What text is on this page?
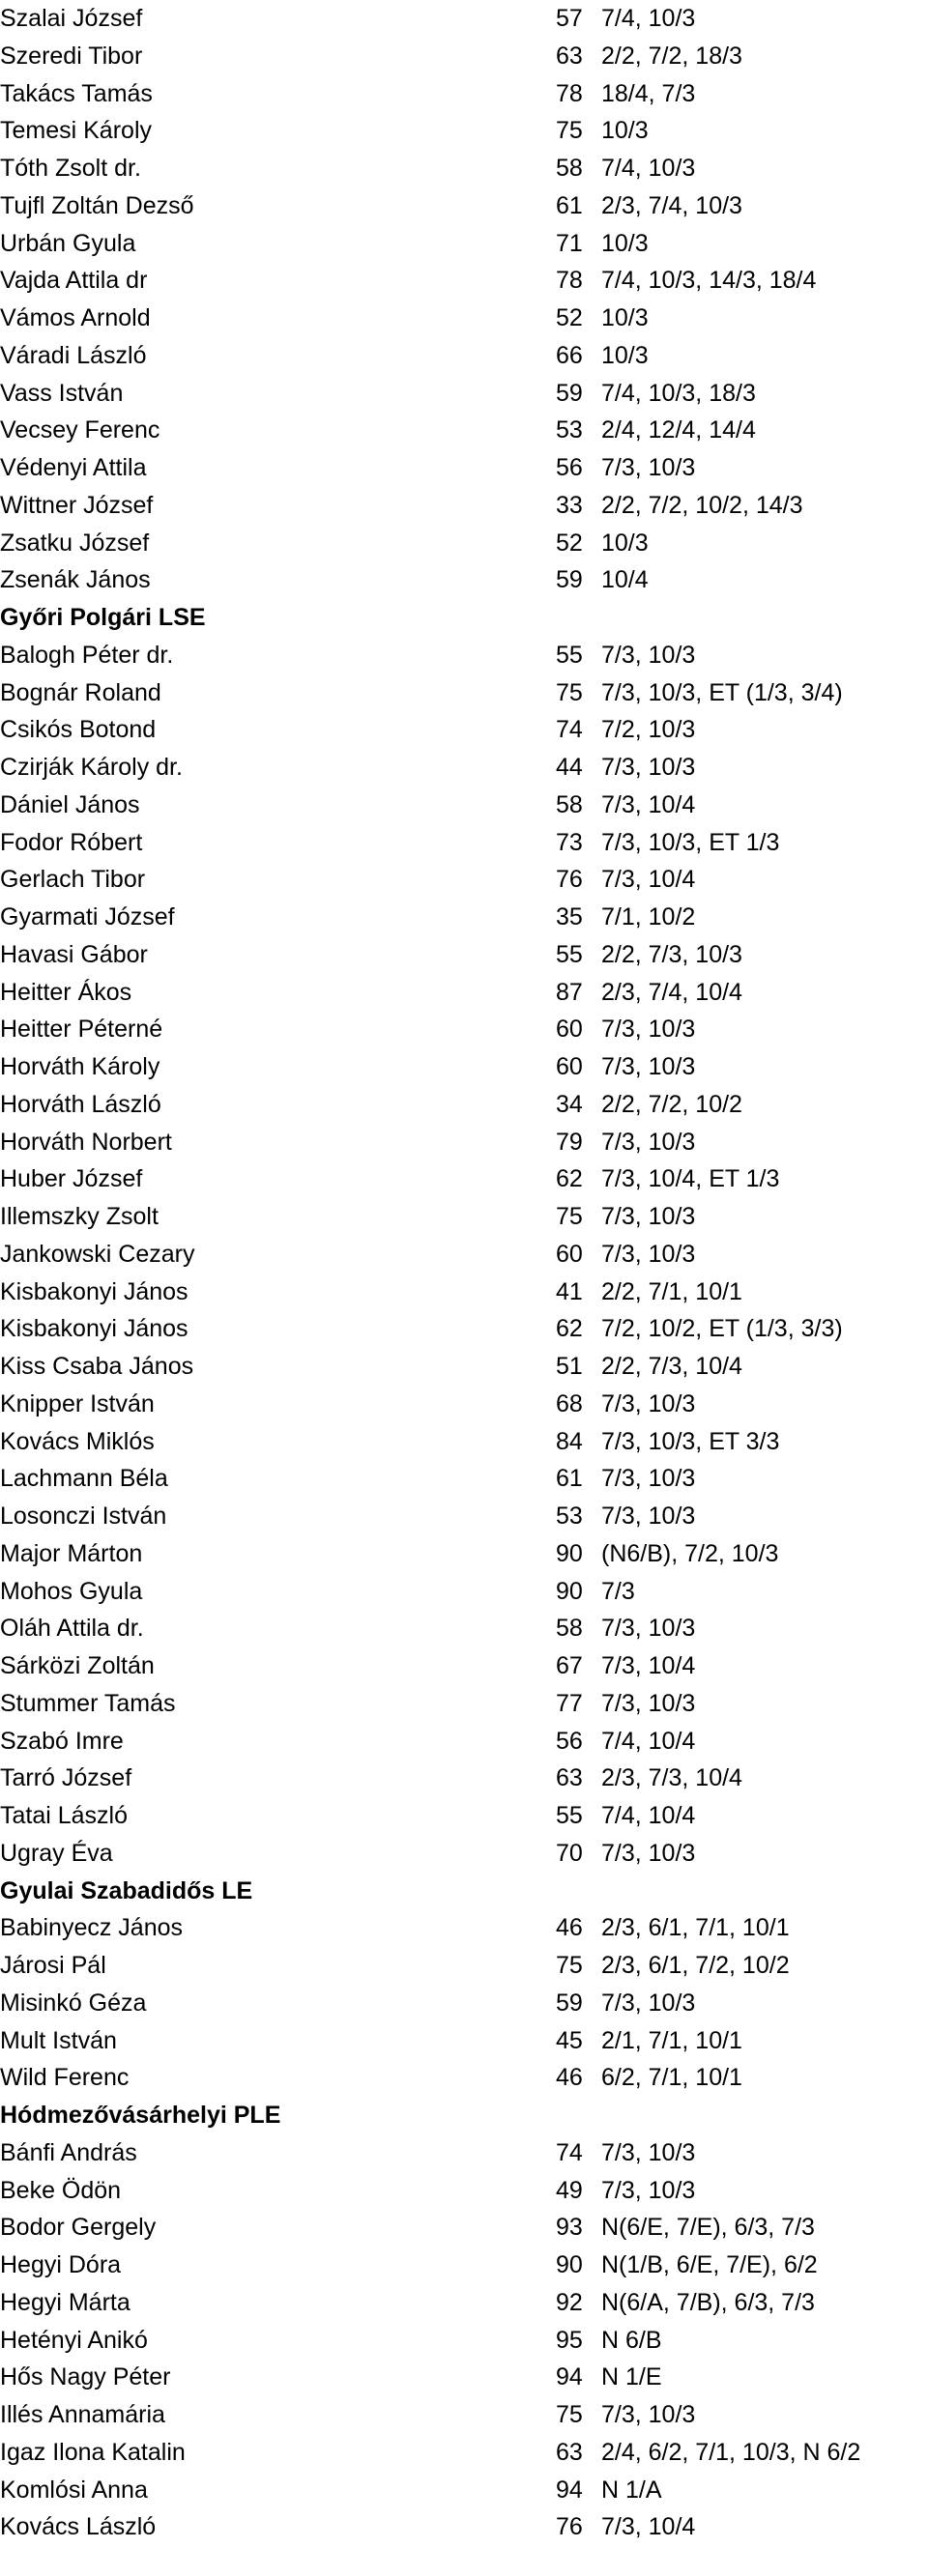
Szalai József	57 7/4, 10/3
Szeredi Tibor	63 2/2, 7/2, 18/3
Takács Tamás	78 18/4, 7/3
Temesi Károly	75 10/3
Tóth Zsolt dr.	58 7/4, 10/3
Tujfl Zoltán Dezső	61 2/3, 7/4, 10/3
Urbán Gyula	71 10/3
Vajda Attila dr	78 7/4, 10/3, 14/3, 18/4
Vámos Arnold	52 10/3
Váradi László	66 10/3
Vass István	59 7/4, 10/3, 18/3
Vecsey Ferenc	53 2/4, 12/4, 14/4
Védenyi Attila	56 7/3, 10/3
Wittner József	33 2/2, 7/2, 10/2, 14/3
Zsatku József	52 10/3
Zsenák János	59 10/4
Győri Polgári LSE
Balogh Péter dr.	55 7/3, 10/3
Bognár Roland	75 7/3, 10/3, ET (1/3, 3/4)
Csikós Botond	74 7/2, 10/3
Czirják Károly dr.	44 7/3, 10/3
Dániel János	58 7/3, 10/4
Fodor Róbert	73 7/3, 10/3, ET 1/3
Gerlach Tibor	76 7/3, 10/4
Gyarmati József	35 7/1, 10/2
Havasi Gábor	55 2/2, 7/3, 10/3
Heitter Ákos	87 2/3, 7/4, 10/4
Heitter Péterné	60 7/3, 10/3
Horváth Károly	60 7/3, 10/3
Horváth László	34 2/2, 7/2, 10/2
Horváth Norbert	79 7/3, 10/3
Huber József	62 7/3, 10/4, ET 1/3
Illemszky Zsolt	75 7/3, 10/3
Jankowski Cezary	60 7/3, 10/3
Kisbakonyi János	41 2/2, 7/1, 10/1
Kisbakonyi János	62 7/2, 10/2, ET (1/3, 3/3)
Kiss Csaba János	51 2/2, 7/3, 10/4
Knipper István	68 7/3, 10/3
Kovács Miklós	84 7/3, 10/3, ET 3/3
Lachmann Béla	61 7/3, 10/3
Losonczi István	53 7/3, 10/3
Major Márton	90 (N6/B), 7/2, 10/3
Mohos Gyula	90 7/3
Oláh Attila dr.	58 7/3, 10/3
Sárközi Zoltán	67 7/3, 10/4
Stummer Tamás	77 7/3, 10/3
Szabó Imre	56 7/4, 10/4
Tarró József	63 2/3, 7/3, 10/4
Tatai László	55 7/4, 10/4
Ugray Éva	70 7/3, 10/3
Gyulai Szabadidős LE
Babinyecz János	46 2/3, 6/1, 7/1, 10/1
Járosi Pál	75 2/3, 6/1, 7/2, 10/2
Misinkó Géza	59 7/3, 10/3
Mult István	45 2/1, 7/1, 10/1
Wild Ferenc	46 6/2, 7/1, 10/1
Hódmezővásárhelyi PLE
Bánfi András	74 7/3, 10/3
Beke Ödön	49 7/3, 10/3
Bodor Gergely	93 N(6/E, 7/E), 6/3, 7/3
Hegyi Dóra	90 N(1/B, 6/E, 7/E), 6/2
Hegyi Márta	92 N(6/A, 7/B), 6/3, 7/3
Hetényi Anikó	95 N 6/B
Hős Nagy Péter	94 N 1/E
Illés Annamária	75 7/3, 10/3
Igaz Ilona Katalin	63 2/4, 6/2, 7/1, 10/3, N 6/2
Komlósi Anna	94 N 1/A
Kovács László	76 7/3, 10/4
